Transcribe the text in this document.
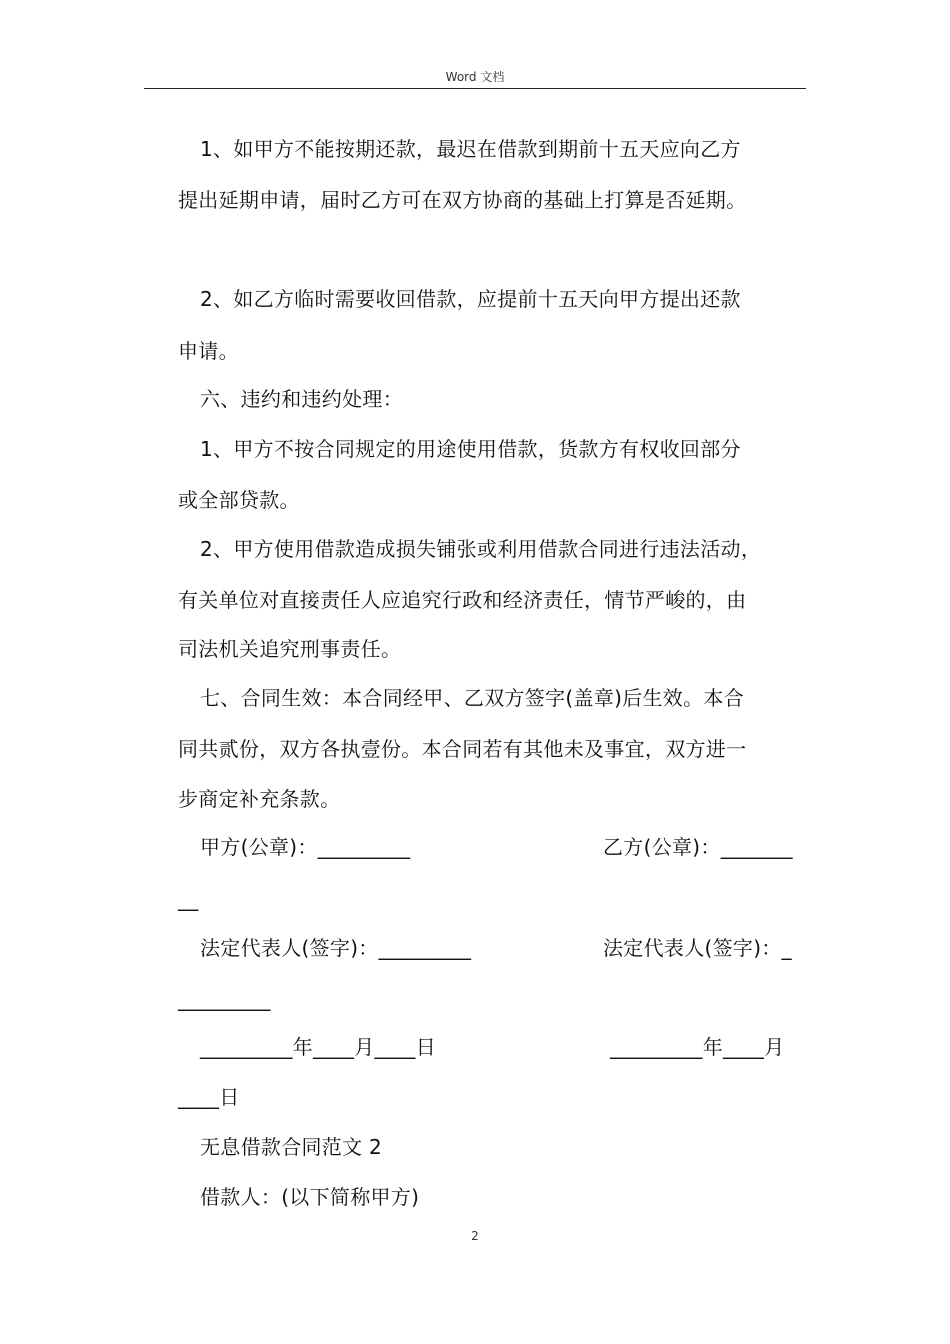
Word 文档
1、如甲方不能按期还款，最迟在借款到期前十五天应向乙方
提出延期申请，届时乙方可在双方协商的基础上打算是否延期。
2、如乙方临时需要收回借款，应提前十五天向甲方提出还款
申请。
六、违约和违约处理：
1、甲方不按合同规定的用途使用借款，货款方有权收回部分
或全部贷款。
2、甲方使用借款造成损失铺张或利用借款合同进行违法活动，
有关单位对直接责任人应追究行政和经济责任，情节严峻的，由
司法机关追究刑事责任。
七、合同生效：本合同经甲、乙双方签字(盖章)后生效。本合
同共贰份，双方各执壹份。本合同若有其他未及事宜，双方进一
步商定补充条款。
甲方(公章)：_________	乙方(公章)：_______
__
法定代表人(签字)：_________	法定代表人(签字)：_
_________
_________年____月____日	_________年____月
____日
无息借款合同范文 2
借款人：(以下简称甲方)
2
